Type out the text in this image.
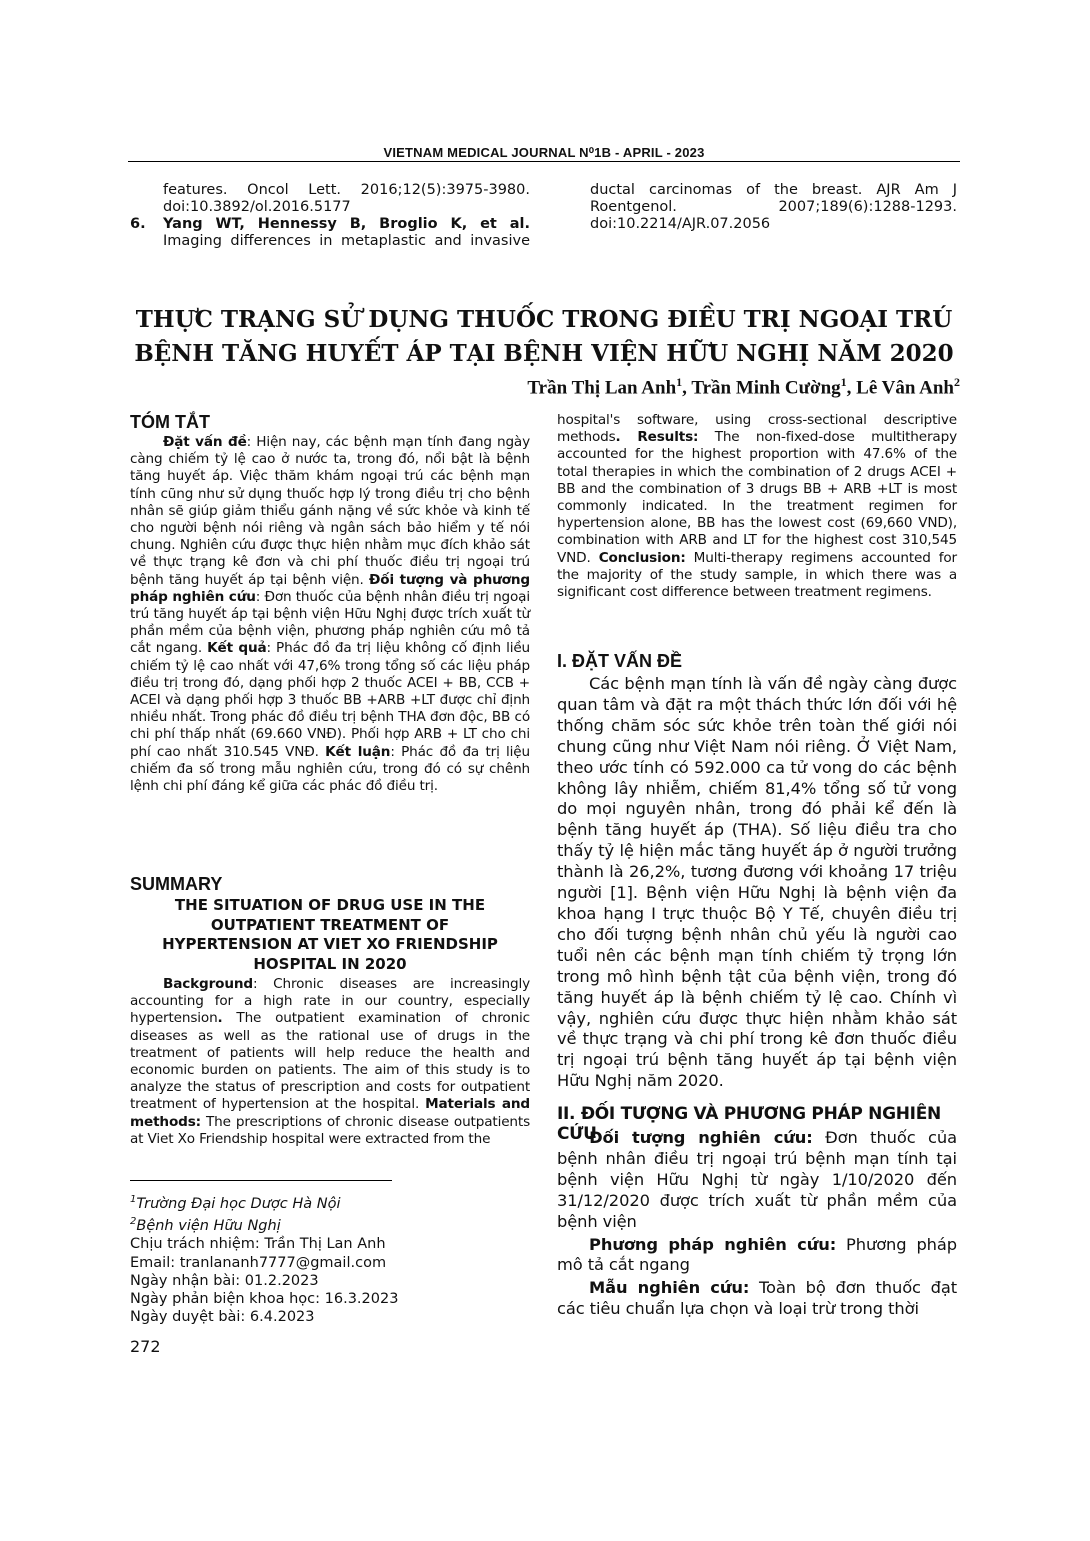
VIETNAM MEDICAL JOURNAL N⁰1B - APRIL - 2023
features. Oncol Lett. 2016;12(5):3975-3980.
doi:10.3892/ol.2016.5177
6. Yang WT, Hennessy B, Broglio K, et al.
Imaging differences in metaplastic and invasive
ductal carcinomas of the breast. AJR Am J Roentgenol. 2007;189(6):1288-1293. doi:10.2214/AJR.07.2056
THỰC TRẠNG SỬ DỤNG THUỐC TRONG ĐIỀU TRỊ NGOẠI TRÚ
BỆNH TĂNG HUYẾT ÁP TẠI BỆNH VIỆN HỮU NGHỊ NĂM 2020
Trần Thị Lan Anh$^1$, Trần Minh Cường$^1$, Lê Vân Anh$^2$
TÓM TẮT

Đặt vấn đề: Hiện nay, các bệnh mạn tính đang ngày càng chiếm tỷ lệ cao ở nước ta, trong đó, nổi bật là bệnh tăng huyết áp. Việc thăm khám ngoại trú các bệnh mạn tính cũng như sử dụng thuốc hợp lý trong điều trị cho bệnh nhân sẽ giúp giảm thiểu gánh nặng về sức khỏe và kinh tế cho người bệnh nói riêng và ngân sách bảo hiểm y tế nói chung. Nghiên cứu được thực hiện nhằm mục đích khảo sát về thực trạng kê đơn và chi phí thuốc điều trị ngoại trú bệnh tăng huyết áp tại bệnh viện. Đối tượng và phương pháp nghiên cứu: Đơn thuốc của bệnh nhân điều trị ngoại trú tăng huyết áp tại bệnh viện Hữu Nghị được trích xuất từ phần mềm của bệnh viện, phương pháp nghiên cứu mô tả cắt ngang. Kết quả: Phác đồ đa trị liệu không cố định liều chiếm tỷ lệ cao nhất với 47,6% trong tổng số các liệu pháp điều trị trong đó, dạng phối hợp 2 thuốc ACEI + BB, CCB + ACEI và dạng phối hợp 3 thuốc BB +ARB +LT được chỉ định nhiều nhất. Trong phác đồ điều trị bệnh THA đơn độc, BB có chi phí thấp nhất (69.660 VNĐ). Phối hợp ARB + LT cho chi phí cao nhất 310.545 VNĐ. Kết luận: Phác đồ đa trị liệu chiếm đa số trong mẫu nghiên cứu, trong đó có sự chênh lệnh chi phí đáng kể giữa các phác đồ điều trị.

SUMMARY
THE SITUATION OF DRUG USE IN THE
OUTPATIENT TREATMENT OF
HYPERTENSION AT VIET XO FRIENDSHIP
HOSPITAL IN 2020

Background: Chronic diseases are increasingly accounting for a high rate in our country, especially hypertension. The outpatient examination of chronic diseases as well as the rational use of drugs in the treatment of patients will help reduce the health and economic burden on patients. The aim of this study is to analyze the status of prescription and costs for outpatient treatment of hypertension at the hospital. Materials and methods: The prescriptions of chronic disease outpatients at Viet Xo Friendship hospital were extracted from the

$^1$Trường Đại học Dược Hà Nội
$^2$Bệnh viện Hữu Nghị
Chịu trách nhiệm: Trần Thị Lan Anh
Email: tranlananh7777@gmail.com
Ngày nhận bài: 01.2.2023
Ngày phản biện khoa học: 16.3.2023
Ngày duyệt bài: 6.4.2023
272
I. ĐẶT VẤN ĐỀ

Các bệnh mạn tính là vấn đề ngày càng được quan tâm và đặt ra một thách thức lớn đối với hệ thống chăm sóc sức khỏe trên toàn thế giới nói chung cũng như Việt Nam nói riêng. Ở Việt Nam, theo ước tính có 592.000 ca tử vong do các bệnh không lây nhiễm, chiếm 81,4% tổng số tử vong do mọi nguyên nhân, trong đó phải kể đến là bệnh tăng huyết áp (THA). Số liệu điều tra cho thấy tỷ lệ hiện mắc tăng huyết áp ở người trưởng thành là 26,2%, tương đương với khoảng 17 triệu người [1]. Bệnh viện Hữu Nghị là bệnh viện đa khoa hạng I trực thuộc Bộ Y Tế, chuyên điều trị cho đối tượng bệnh nhân chủ yếu là người cao tuổi nên các bệnh mạn tính chiếm tỷ trọng lớn trong mô hình bệnh tật của bệnh viện, trong đó tăng huyết áp là bệnh chiếm tỷ lệ cao. Chính vì vậy, nghiên cứu được thực hiện nhằm khảo sát về thực trạng và chi phí trong kê đơn thuốc điều trị ngoại trú bệnh tăng huyết áp tại bệnh viện Hữu Nghị năm 2020.

II. ĐỐI TƯỢNG VÀ PHƯƠNG PHÁP NGHIÊN CỨU

Đối tượng nghiên cứu: Đơn thuốc của bệnh nhân điều trị ngoại trú bệnh mạn tính tại bệnh viện Hữu Nghị từ ngày 1/10/2020 đến 31/12/2020 được trích xuất từ phần mềm của bệnh viện

Phương pháp nghiên cứu: Phương pháp mô tả cắt ngang

Mẫu nghiên cứu: Toàn bộ đơn thuốc đạt các tiêu chuẩn lựa chọn và loại trừ trong thời

hospital's software, using cross-sectional descriptive methods. Results: The non-fixed-dose multitherapy accounted for the highest proportion with 47.6% of the total therapies in which the combination of 2 drugs ACEI + BB and the combination of 3 drugs BB + ARB +LT is most commonly indicated. In the treatment regimen for hypertension alone, BB has the lowest cost (69,660 VND), combination with ARB and LT for the highest cost 310,545 VND. Conclusion: Multi-therapy regimens accounted for the majority of the study sample, in which there was a significant cost difference between treatment regimens.
